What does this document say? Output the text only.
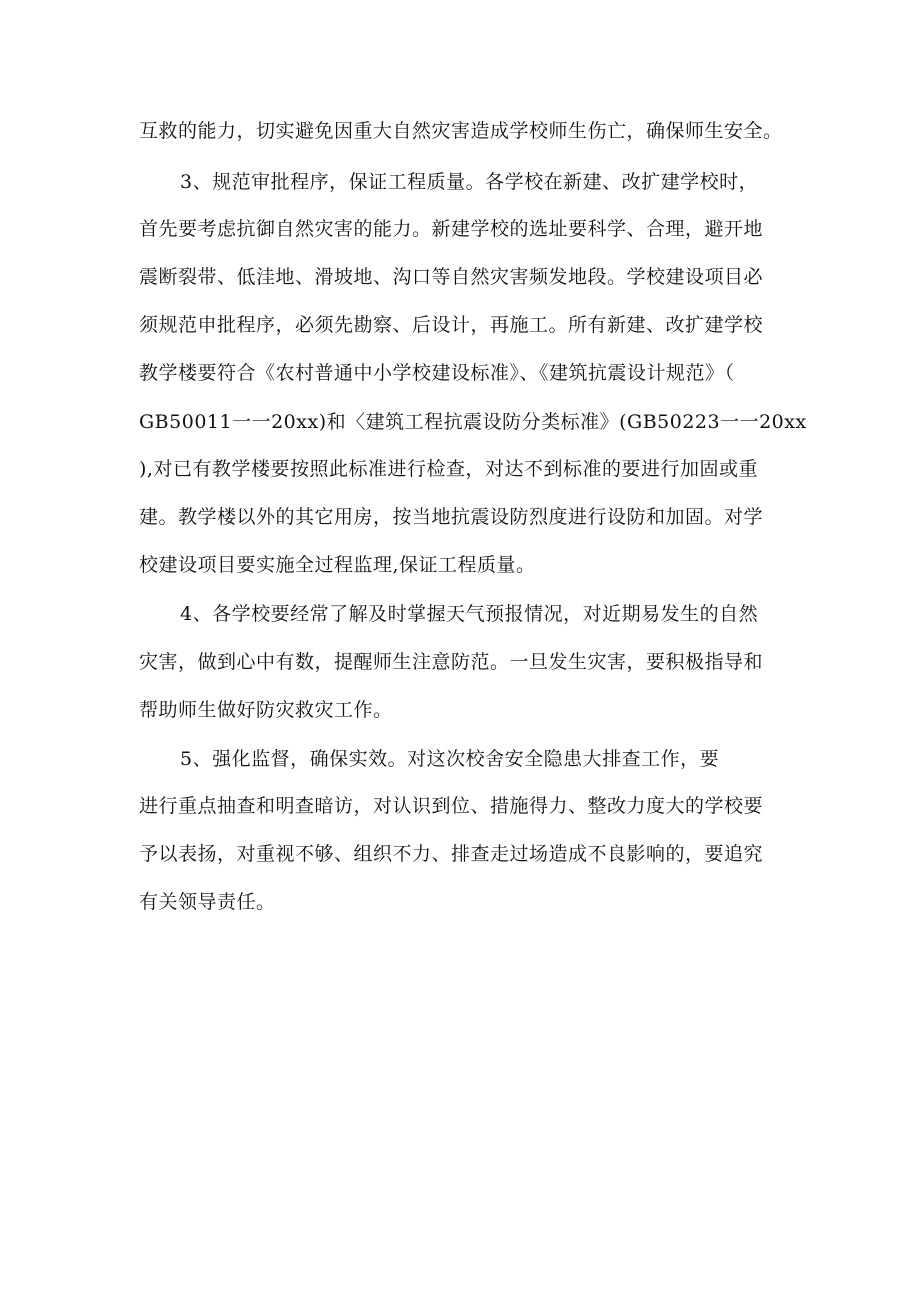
互救的能力，切实避免因重大自然灾害造成学校师生伤亡，确保师生安全。
3、规范审批程序，保证工程质量。各学校在新建、改扩建学校时，
首先要考虑抗御自然灾害的能力。新建学校的选址要科学、合理，避开地
震断裂带、低洼地、滑坡地、沟口等自然灾害频发地段。学校建设项目必
须规范申批程序，必须先勘察、后设计，再施工。所有新建、改扩建学校
教学楼要符合《农村普通中小学校建设标准》、《建筑抗震设计规范》（
GB50011一一20xx)和〈建筑工程抗震设防分类标准》(GB50223一一20xx
),对已有教学楼要按照此标准进行检查，对达不到标准的要进行加固或重
建。教学楼以外的其它用房，按当地抗震设防烈度进行设防和加固。对学
校建设项目要实施全过程监理,保证工程质量。
4、各学校要经常了解及时掌握天气预报情况，对近期易发生的自然
灾害，做到心中有数，提醒师生注意防范。一旦发生灾害，要积极指导和
帮助师生做好防灾救灾工作。
5、强化监督，确保实效。对这次校舍安全隐患大排查工作，要
进行重点抽查和明查暗访，对认识到位、措施得力、整改力度大的学校要
予以表扬，对重视不够、组织不力、排查走过场造成不良影响的，要追究
有关领导责任。
